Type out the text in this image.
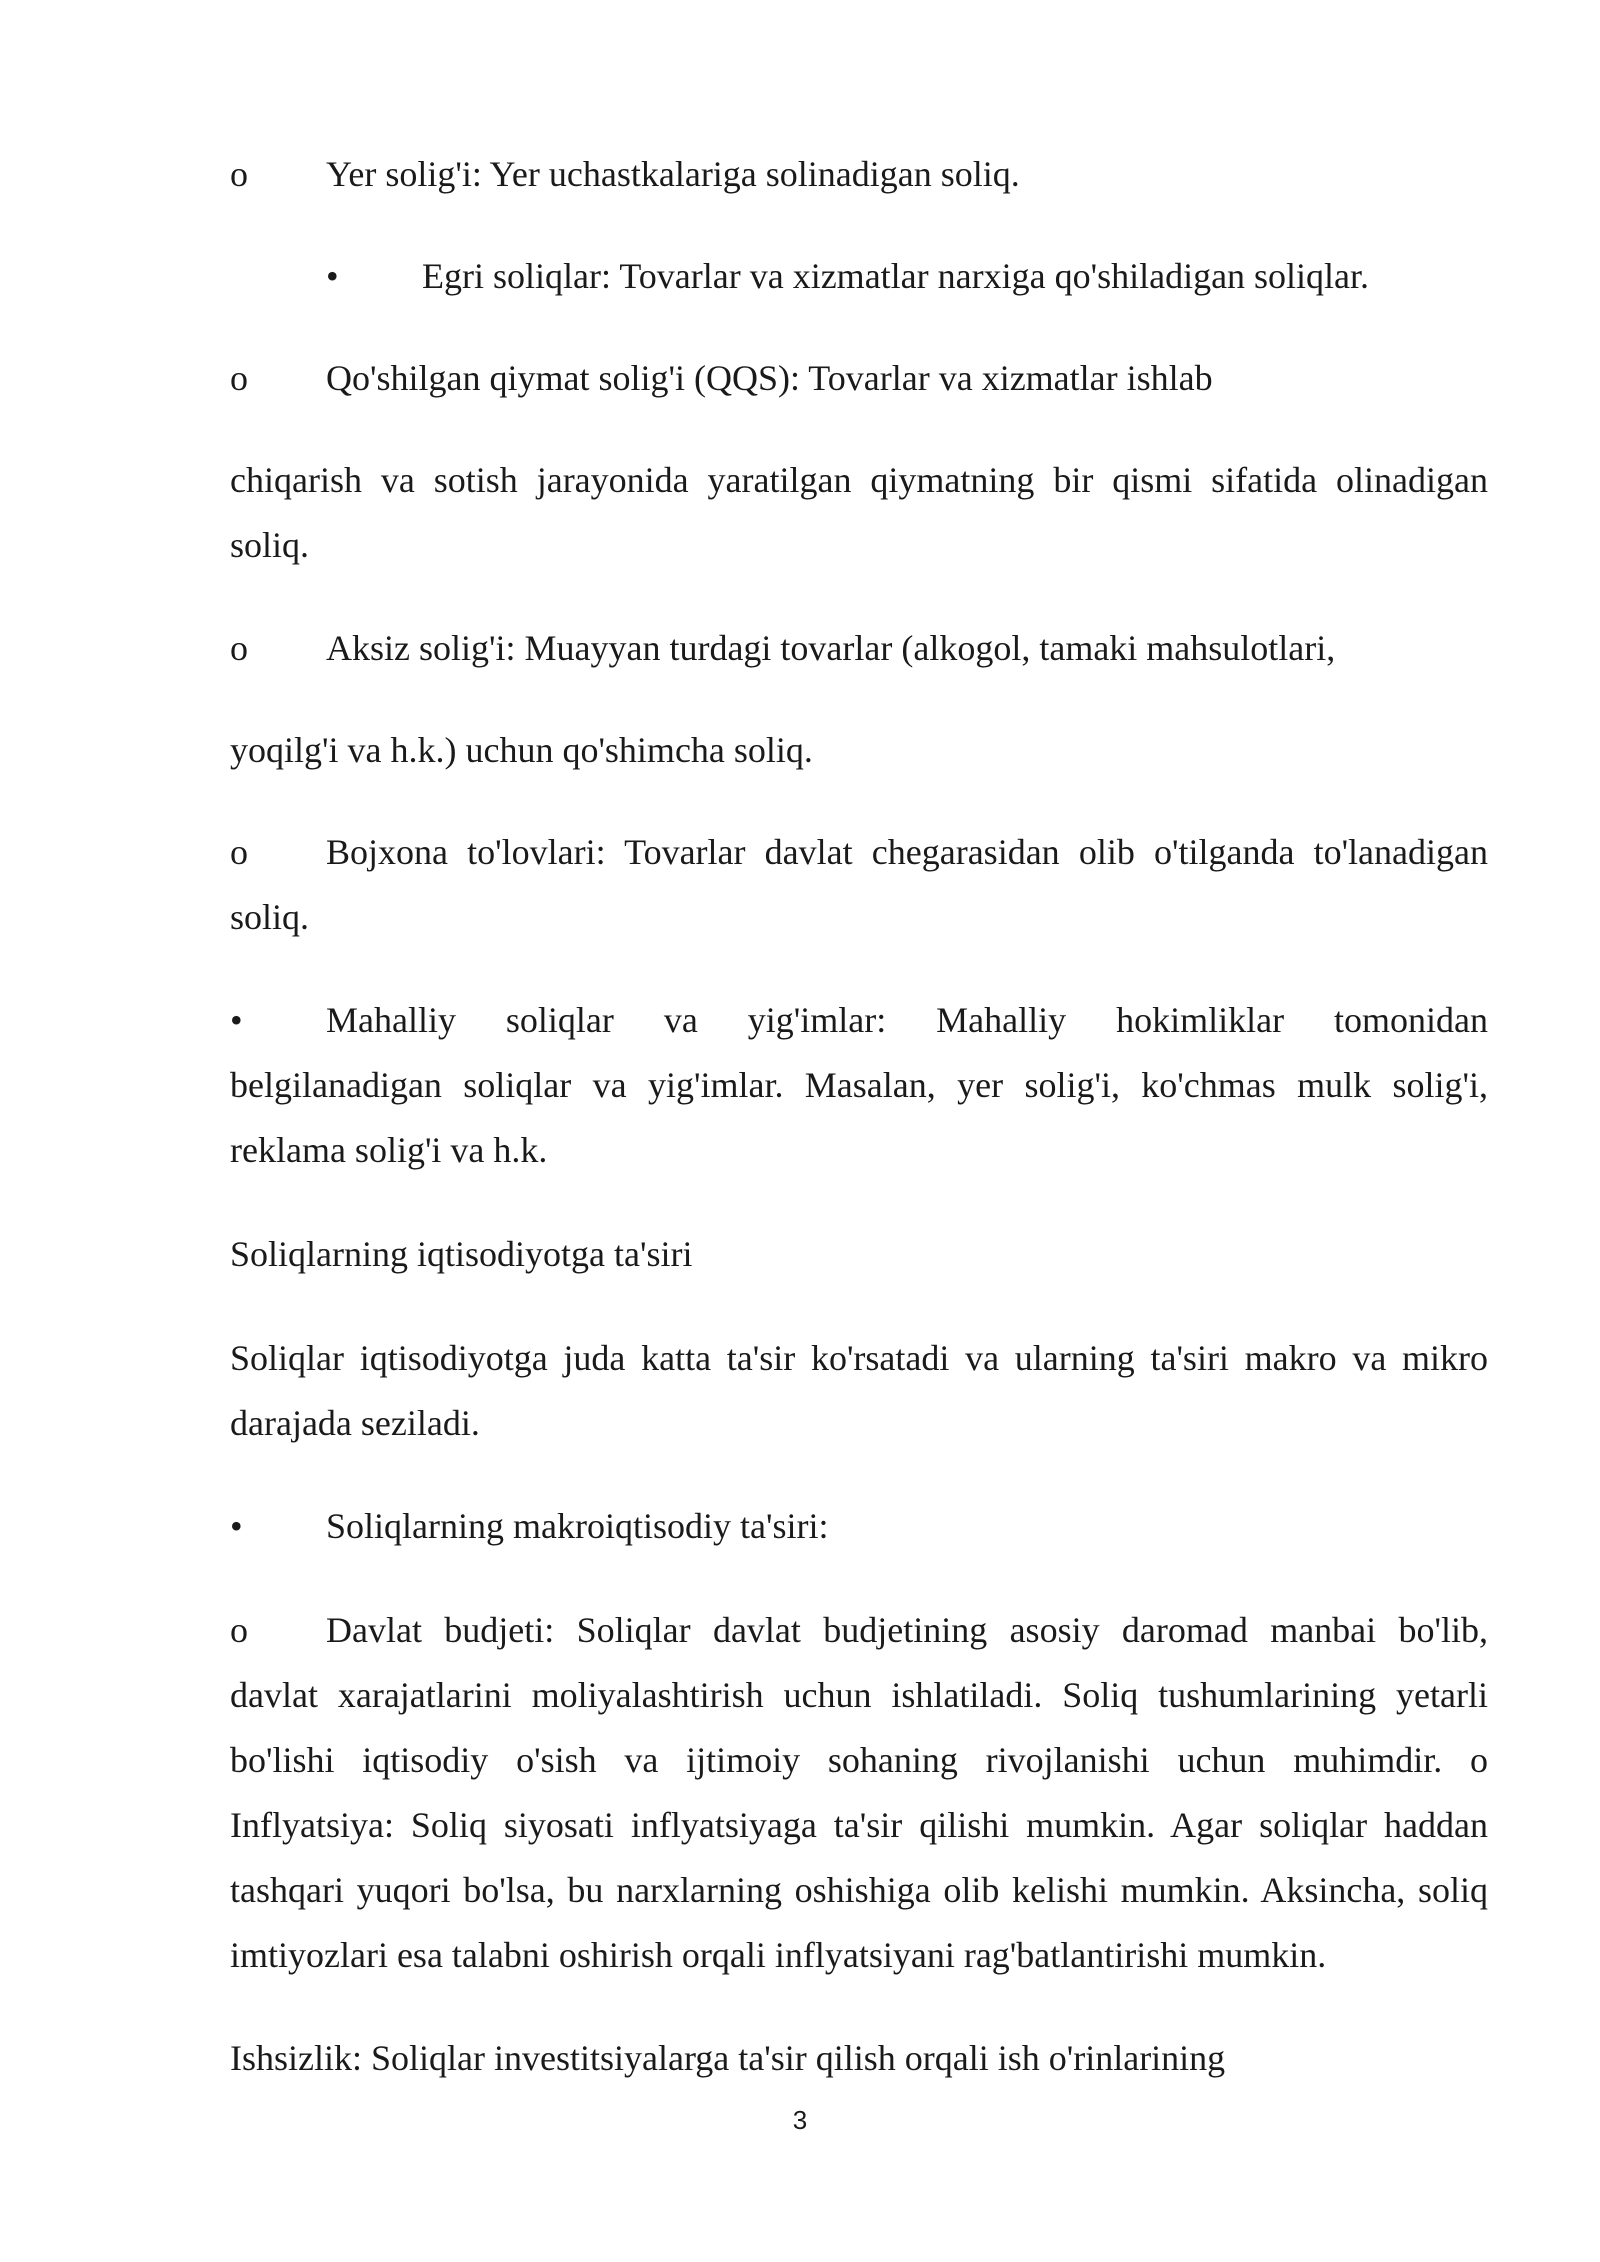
o Yer solig'i: Yer uchastkalariga solinadigan soliq.
• Egri soliqlar: Tovarlar va xizmatlar narxiga qo'shiladigan soliqlar.
o Qo'shilgan qiymat solig'i (QQS): Tovarlar va xizmatlar ishlab
chiqarish va sotish jarayonida yaratilgan qiymatning bir qismi sifatida olinadigan
soliq.
o Aksiz solig'i: Muayyan turdagi tovarlar (alkogol, tamaki mahsulotlari,
yoqilg'i va h.k.) uchun qo'shimcha soliq.
o Bojxona to'lovlari: Tovarlar davlat chegarasidan olib o'tilganda to'lanadigan
soliq.
• Mahalliy soliqlar va yig'imlar: Mahalliy hokimliklar tomonidan
belgilanadigan soliqlar va yig'imlar. Masalan, yer solig'i, ko'chmas mulk solig'i,
reklama solig'i va h.k.
Soliqlarning iqtisodiyotga ta'siri
Soliqlar iqtisodiyotga juda katta ta'sir ko'rsatadi va ularning ta'siri makro va mikro
darajada seziladi.
• Soliqlarning makroiqtisodiy ta'siri:
o Davlat budjeti: Soliqlar davlat budjetining asosiy daromad manbai bo'lib,
davlat xarajatlarini moliyalashtirish uchun ishlatiladi. Soliq tushumlarining yetarli
bo'lishi iqtisodiy o'sish va ijtimoiy sohaning rivojlanishi uchun muhimdir. o
Inflyatsiya: Soliq siyosati inflyatsiyaga ta'sir qilishi mumkin. Agar soliqlar haddan
tashqari yuqori bo'lsa, bu narxlarning oshishiga olib kelishi mumkin. Aksincha, soliq
imtiyozlari esa talabni oshirish orqali inflyatsiyani rag'batlantirishi mumkin.
Ishsizlik: Soliqlar investitsiyalarga ta'sir qilish orqali ish o'rinlarining
3
